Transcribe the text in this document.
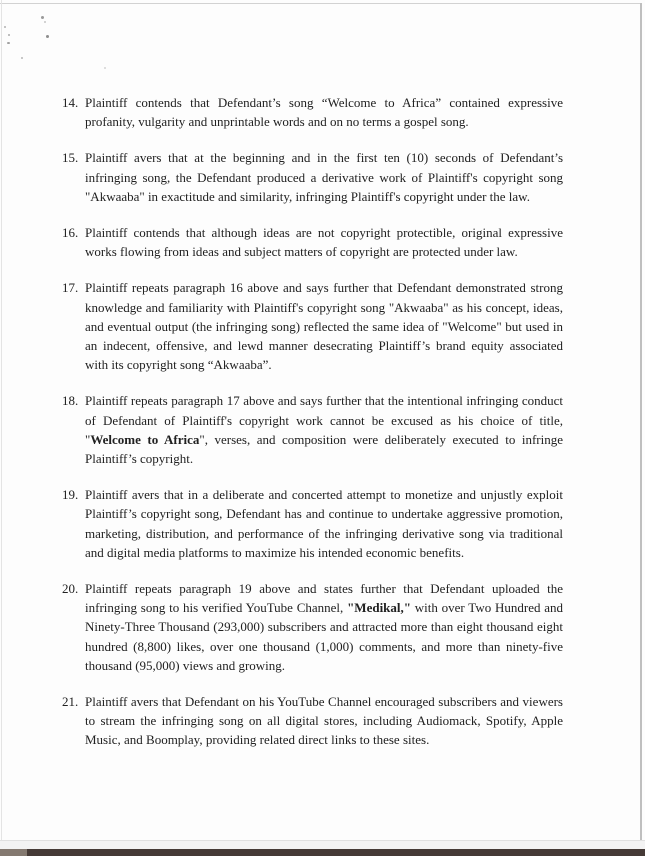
14. Plaintiff contends that Defendant’s song “Welcome to Africa” contained expressive profanity, vulgarity and unprintable words and on no terms a gospel song.
15. Plaintiff avers that at the beginning and in the first ten (10) seconds of Defendant’s infringing song, the Defendant produced a derivative work of Plaintiff's copyright song "Akwaaba" in exactitude and similarity, infringing Plaintiff's copyright under the law.
16. Plaintiff contends that although ideas are not copyright protectible, original expressive works flowing from ideas and subject matters of copyright are protected under law.
17. Plaintiff repeats paragraph 16 above and says further that Defendant demonstrated strong knowledge and familiarity with Plaintiff's copyright song "Akwaaba" as his concept, ideas, and eventual output (the infringing song) reflected the same idea of "Welcome" but used in an indecent, offensive, and lewd manner desecrating Plaintiff’s brand equity associated with its copyright song “Akwaaba”.
18. Plaintiff repeats paragraph 17 above and says further that the intentional infringing conduct of Defendant of Plaintiff's copyright work cannot be excused as his choice of title, "Welcome to Africa", verses, and composition were deliberately executed to infringe Plaintiff’s copyright.
19. Plaintiff avers that in a deliberate and concerted attempt to monetize and unjustly exploit Plaintiff’s copyright song, Defendant has and continue to undertake aggressive promotion, marketing, distribution, and performance of the infringing derivative song via traditional and digital media platforms to maximize his intended economic benefits.
20. Plaintiff repeats paragraph 19 above and states further that Defendant uploaded the infringing song to his verified YouTube Channel, "Medikal," with over Two Hundred and Ninety-Three Thousand (293,000) subscribers and attracted more than eight thousand eight hundred (8,800) likes, over one thousand (1,000) comments, and more than ninety-five thousand (95,000) views and growing.
21. Plaintiff avers that Defendant on his YouTube Channel encouraged subscribers and viewers to stream the infringing song on all digital stores, including Audiomack, Spotify, Apple Music, and Boomplay, providing related direct links to these sites.
